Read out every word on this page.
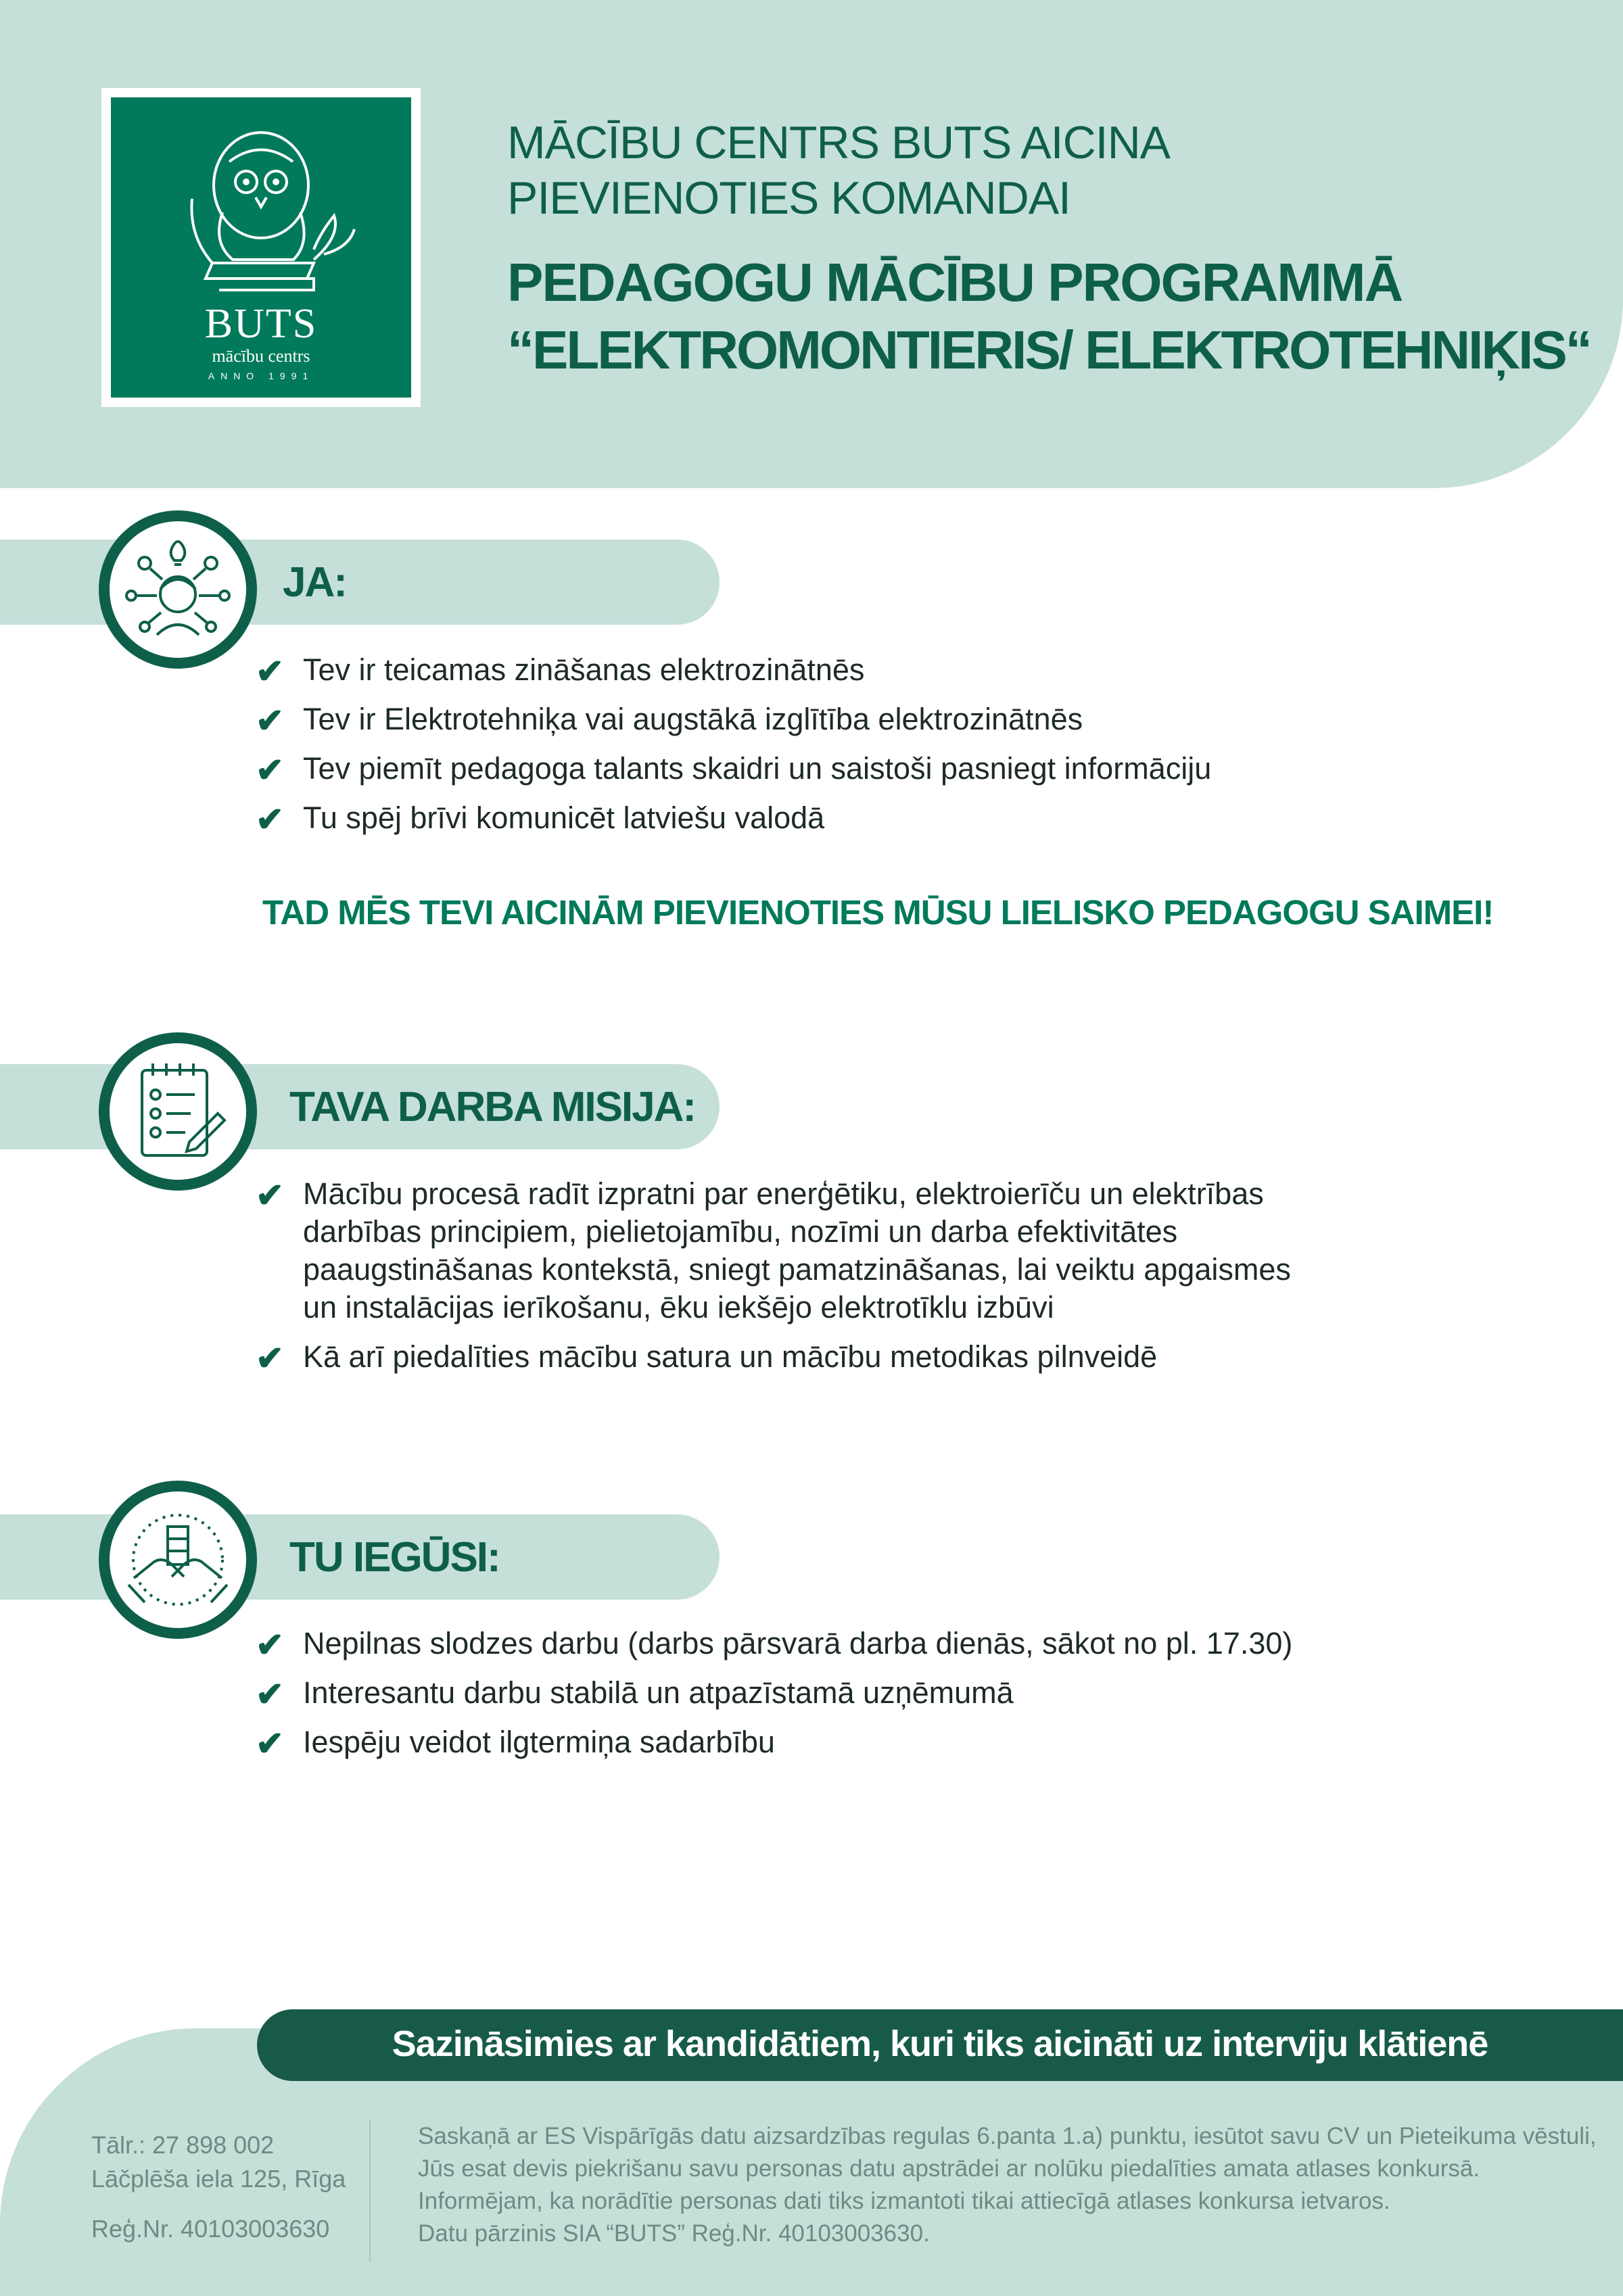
BUTS
mācību centrs
ANNO 1991
MĀCĪBU CENTRS BUTS AICINA
PIEVIENOTIES KOMANDAI
PEDAGOGU MĀCĪBU PROGRAMMĀ
“ELEKTROMONTIERIS/ ELEKTROTEHNIĶIS“
JA:
✔ Tev ir teicamas zināšanas elektrozinātnēs
✔ Tev ir Elektrotehniķa vai augstākā izglītība elektrozinātnēs
✔ Tev piemīt pedagoga talants skaidri un saistoši pasniegt informāciju
✔ Tu spēj brīvi komunicēt latviešu valodā
TAD MĒS TEVI AICINĀM PIEVIENOTIES MŪSU LIELISKO PEDAGOGU SAIMEI!
TAVA DARBA MISIJA:
✔ Mācību procesā radīt izpratni par enerģētiku, elektroierīču un elektrības
darbības principiem, pielietojamību, nozīmi un darba efektivitātes
paaugstināšanas kontekstā, sniegt pamatzināšanas, lai veiktu apgaismes
un instalācijas ierīkošanu, ēku iekšējo elektrotīklu izbūvi
✔ Kā arī piedalīties mācību satura un mācību metodikas pilnveidē
TU IEGŪSI:
✔ Nepilnas slodzes darbu (darbs pārsvarā darba dienās, sākot no pl. 17.30)
✔ Interesantu darbu stabilā un atpazīstamā uzņēmumā
✔ Iespēju veidot ilgtermiņa sadarbību
Sazināsimies ar kandidātiem, kuri tiks aicināti uz interviju klātienē
Tālr.: 27 898 002
Lāčplēša iela 125, Rīga
Reģ.Nr. 40103003630
Saskaņā ar ES Vispārīgās datu aizsardzības regulas 6.panta 1.a) punktu, iesūtot savu CV un Pieteikuma vēstuli,
Jūs esat devis piekrišanu savu personas datu apstrādei ar nolūku piedalīties amata atlases konkursā.
Informējam, ka norādītie personas dati tiks izmantoti tikai attiecīgā atlases konkursa ietvaros.
Datu pārzinis SIA “BUTS” Reģ.Nr. 40103003630.
